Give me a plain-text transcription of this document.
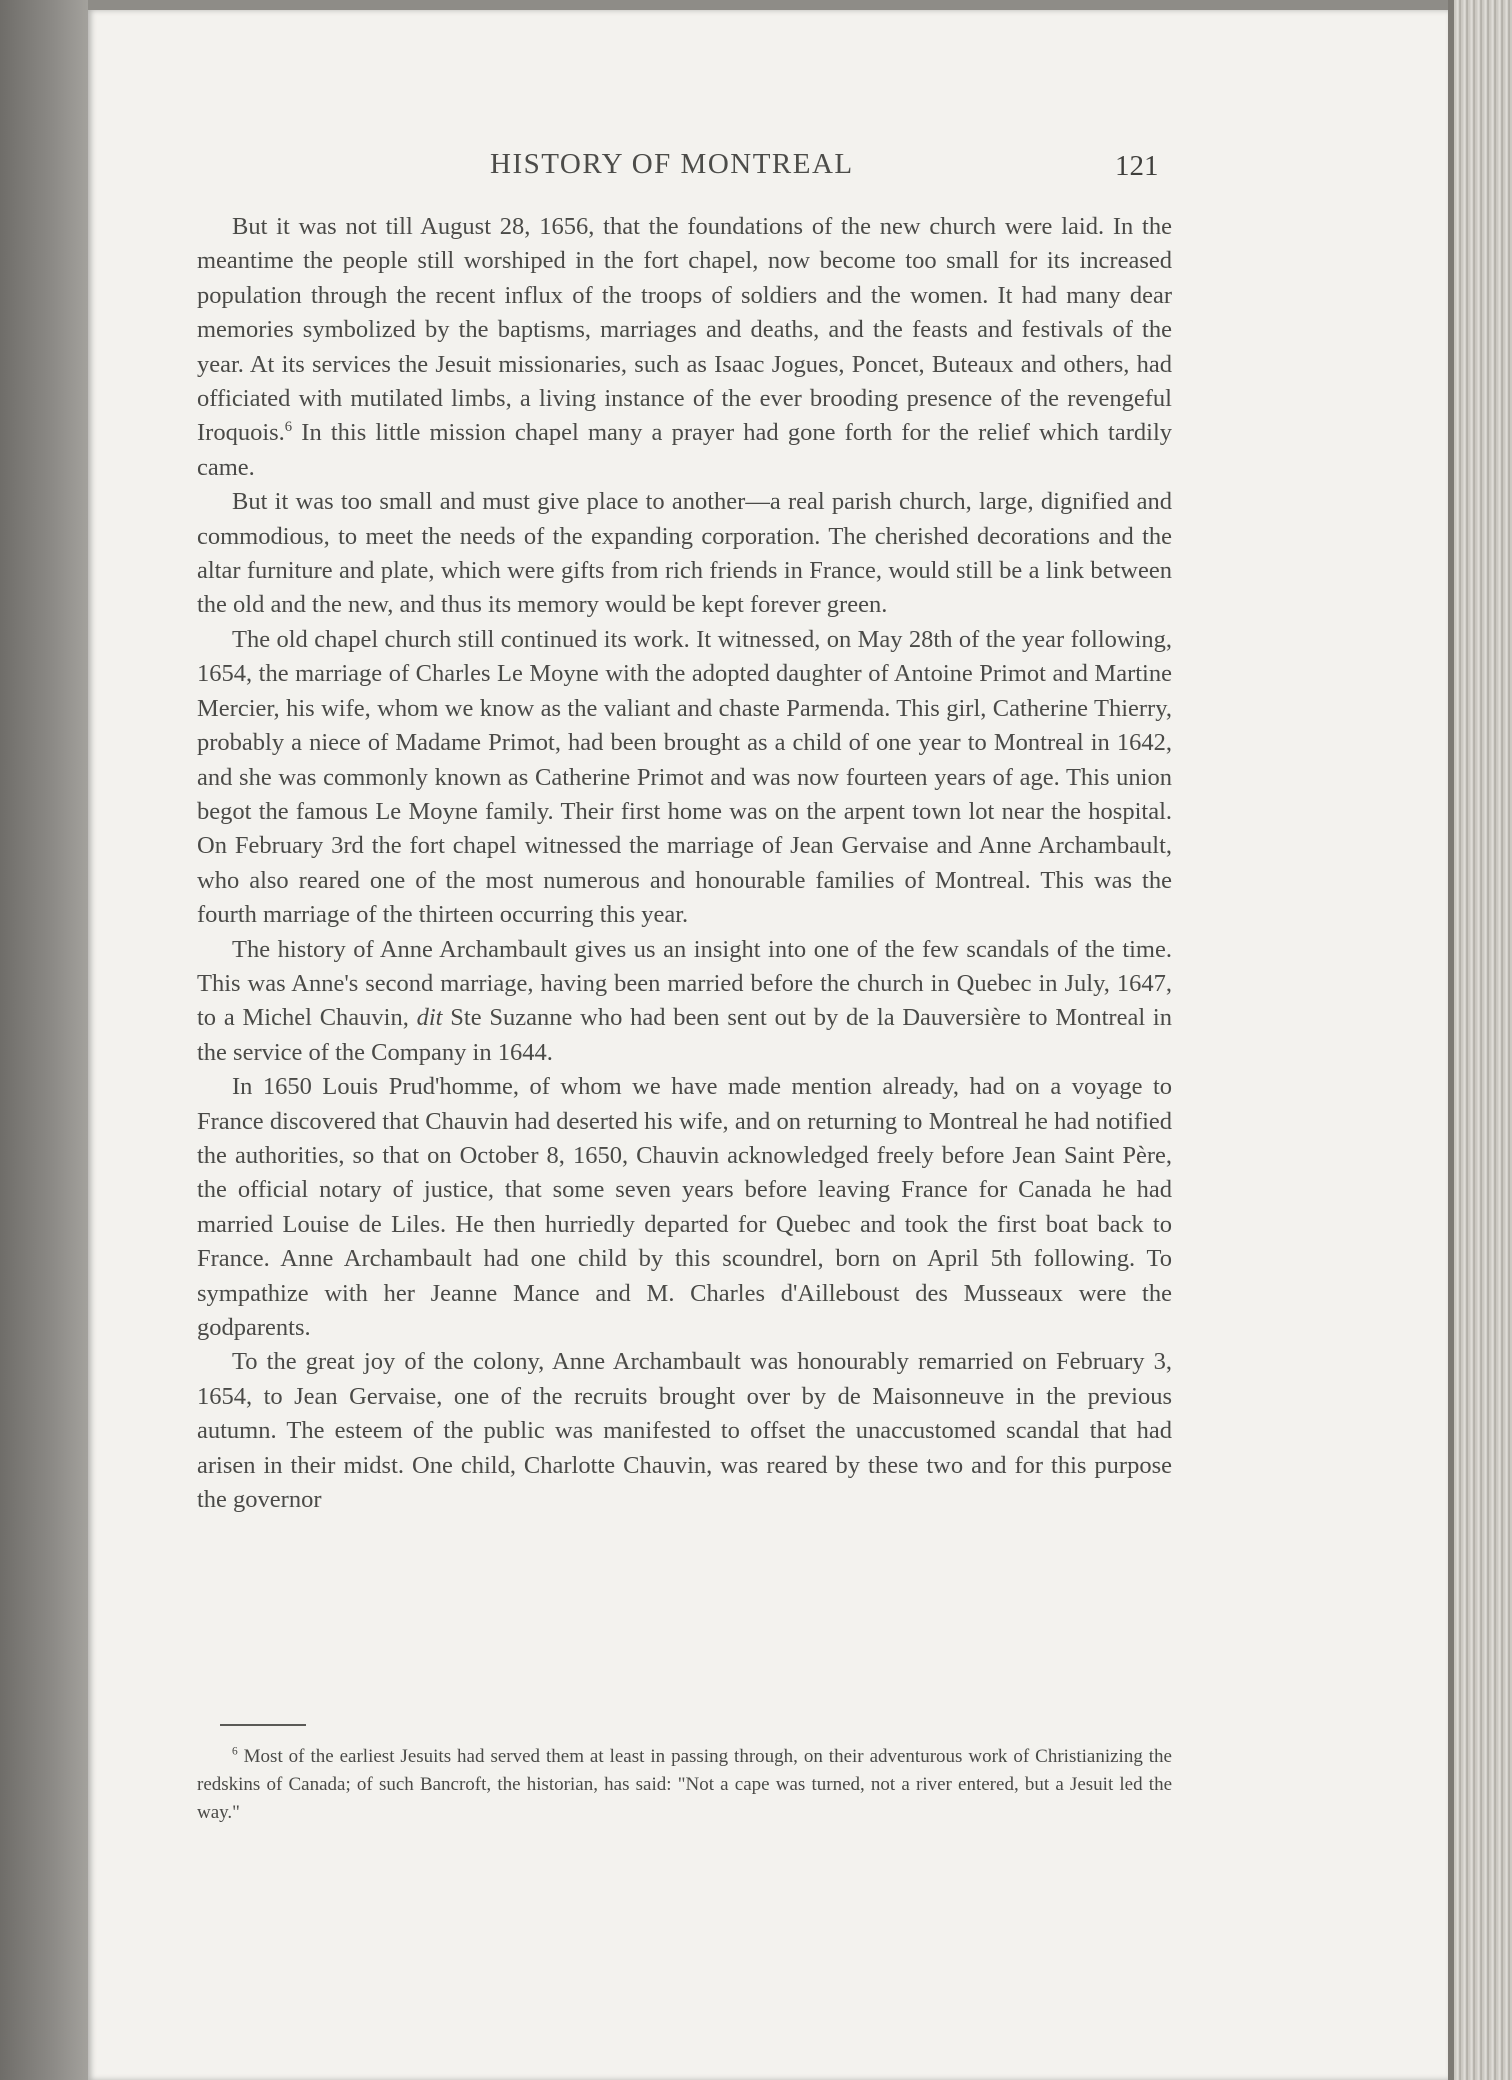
HISTORY OF MONTREAL	121

But it was not till August 28, 1656, that the foundations of the new church were laid. In the meantime the people still worshiped in the fort chapel, now become too small for its increased population through the recent influx of the troops of soldiers and the women. It had many dear memories symbolized by the baptisms, marriages and deaths, and the feasts and festivals of the year. At its services the Jesuit missionaries, such as Isaac Jogues, Poncet, Buteaux and others, had officiated with mutilated limbs, a living instance of the ever brooding presence of the revengeful Iroquois.$^6$ In this little mission chapel many a prayer had gone forth for the relief which tardily came.

But it was too small and must give place to another—a real parish church, large, dignified and commodious, to meet the needs of the expanding corporation. The cherished decorations and the altar furniture and plate, which were gifts from rich friends in France, would still be a link between the old and the new, and thus its memory would be kept forever green.

The old chapel church still continued its work. It witnessed, on May 28th of the year following, 1654, the marriage of Charles Le Moyne with the adopted daughter of Antoine Primot and Martine Mercier, his wife, whom we know as the valiant and chaste Parmenda. This girl, Catherine Thierry, probably a niece of Madame Primot, had been brought as a child of one year to Montreal in 1642, and she was commonly known as Catherine Primot and was now fourteen years of age. This union begot the famous Le Moyne family. Their first home was on the arpent town lot near the hospital. On February 3rd the fort chapel witnessed the marriage of Jean Gervaise and Anne Archambault, who also reared one of the most numerous and honourable families of Montreal. This was the fourth marriage of the thirteen occurring this year.

The history of Anne Archambault gives us an insight into one of the few scandals of the time. This was Anne's second marriage, having been married before the church in Quebec in July, 1647, to a Michel Chauvin, dit Ste Suzanne who had been sent out by de la Dauversière to Montreal in the service of the Company in 1644.

In 1650 Louis Prud'homme, of whom we have made mention already, had on a voyage to France discovered that Chauvin had deserted his wife, and on returning to Montreal he had notified the authorities, so that on October 8, 1650, Chauvin acknowledged freely before Jean Saint Père, the official notary of justice, that some seven years before leaving France for Canada he had married Louise de Liles. He then hurriedly departed for Quebec and took the first boat back to France. Anne Archambault had one child by this scoundrel, born on April 5th following. To sympathize with her Jeanne Mance and M. Charles d'Ailleboust des Musseaux were the godparents.

To the great joy of the colony, Anne Archambault was honourably remarried on February 3, 1654, to Jean Gervaise, one of the recruits brought over by de Maisonneuve in the previous autumn. The esteem of the public was manifested to offset the unaccustomed scandal that had arisen in their midst. One child, Charlotte Chauvin, was reared by these two and for this purpose the governor

$^6$ Most of the earliest Jesuits had served them at least in passing through, on their adventurous work of Christianizing the redskins of Canada; of such Bancroft, the historian, has said: "Not a cape was turned, not a river entered, but a Jesuit led the way."
